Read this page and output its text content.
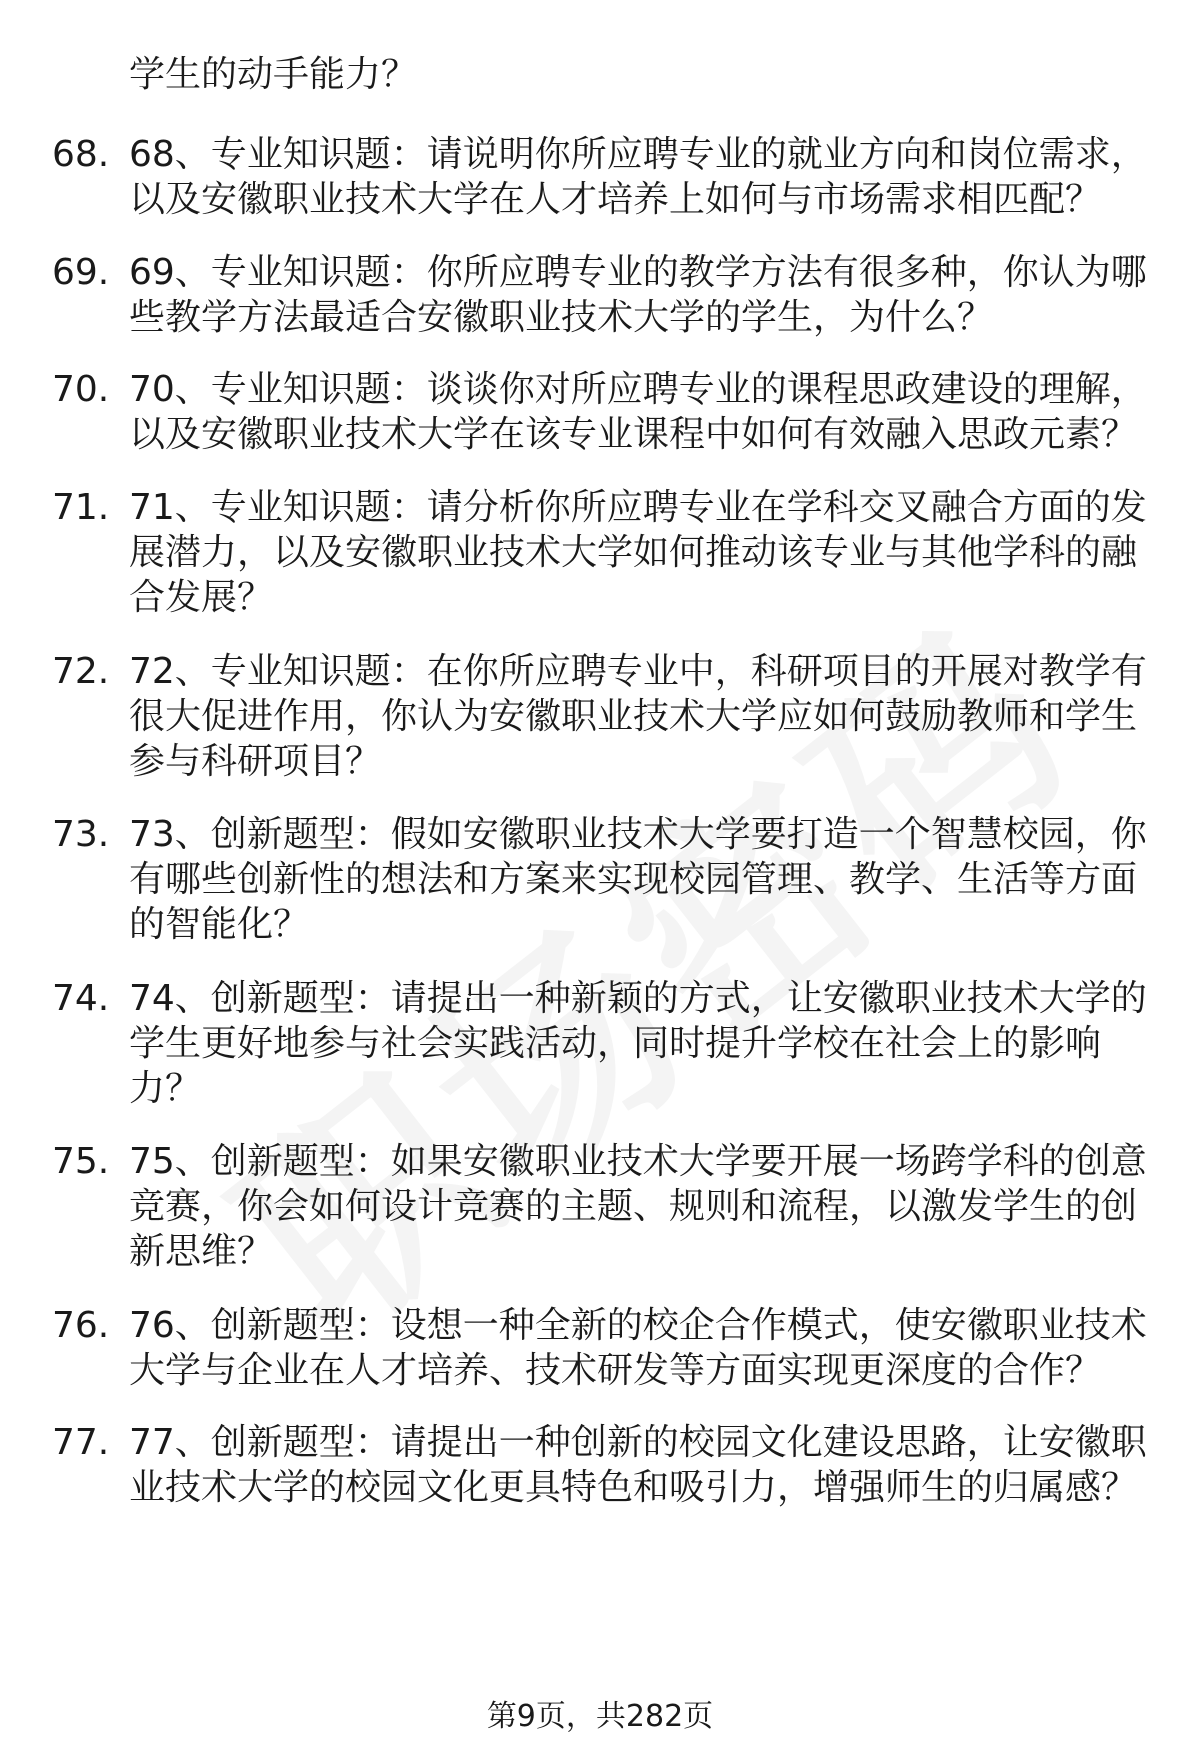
学生的动手能力？
68. 68、专业知识题：请说明你所应聘专业的就业方向和岗位需求，
以及安徽职业技术大学在人才培养上如何与市场需求相匹配？
69. 69、专业知识题：你所应聘专业的教学方法有很多种，你认为哪
些教学方法最适合安徽职业技术大学的学生，为什么？
70. 70、专业知识题：谈谈你对所应聘专业的课程思政建设的理解，
以及安徽职业技术大学在该专业课程中如何有效融入思政元素？
71. 71、专业知识题：请分析你所应聘专业在学科交叉融合方面的发
展潜力，以及安徽职业技术大学如何推动该专业与其他学科的融
合发展？
72. 72、专业知识题：在你所应聘专业中，科研项目的开展对教学有
很大促进作用，你认为安徽职业技术大学应如何鼓励教师和学生
参与科研项目？
73. 73、创新题型：假如安徽职业技术大学要打造一个智慧校园，你
有哪些创新性的想法和方案来实现校园管理、教学、生活等方面
的智能化？
74. 74、创新题型：请提出一种新颖的方式，让安徽职业技术大学的
学生更好地参与社会实践活动，同时提升学校在社会上的影响
力？
75. 75、创新题型：如果安徽职业技术大学要开展一场跨学科的创意
竞赛，你会如何设计竞赛的主题、规则和流程，以激发学生的创
新思维？
76. 76、创新题型：设想一种全新的校企合作模式，使安徽职业技术
大学与企业在人才培养、技术研发等方面实现更深度的合作？
77. 77、创新题型：请提出一种创新的校园文化建设思路，让安徽职
业技术大学的校园文化更具特色和吸引力，增强师生的归属感？
第9页，共282页
